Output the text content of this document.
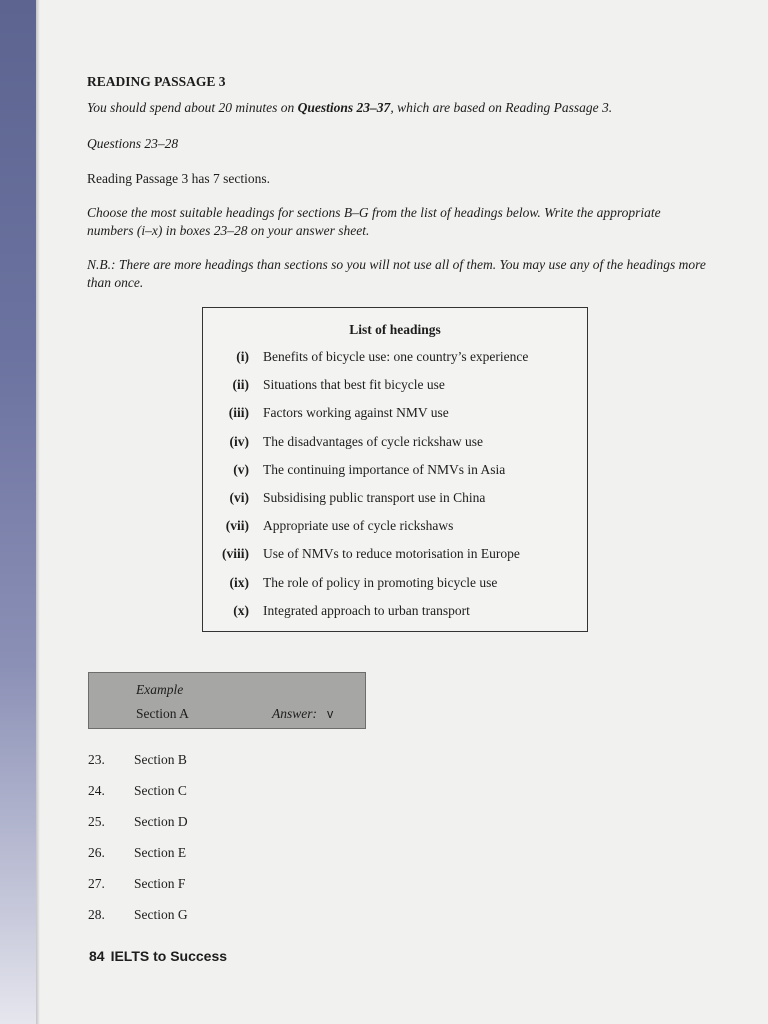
READING PASSAGE 3
You should spend about 20 minutes on Questions 23–37, which are based on Reading Passage 3.
Questions 23–28
Reading Passage 3 has 7 sections.
Choose the most suitable headings for sections B–G from the list of headings below. Write the appropriate numbers (i–x) in boxes 23–28 on your answer sheet.
N.B.: There are more headings than sections so you will not use all of them. You may use any of the headings more than once.
List of headings
(i) Benefits of bicycle use: one country’s experience
(ii) Situations that best fit bicycle use
(iii) Factors working against NMV use
(iv) The disadvantages of cycle rickshaw use
(v) The continuing importance of NMVs in Asia
(vi) Subsidising public transport use in China
(vii) Appropriate use of cycle rickshaws
(viii) Use of NMVs to reduce motorisation in Europe
(ix) The role of policy in promoting bicycle use
(x) Integrated approach to urban transport
Example
Section A	Answer: v
23.	Section B
24.	Section C
25.	Section D
26.	Section E
27.	Section F
28.	Section G
84 IELTS to Success
